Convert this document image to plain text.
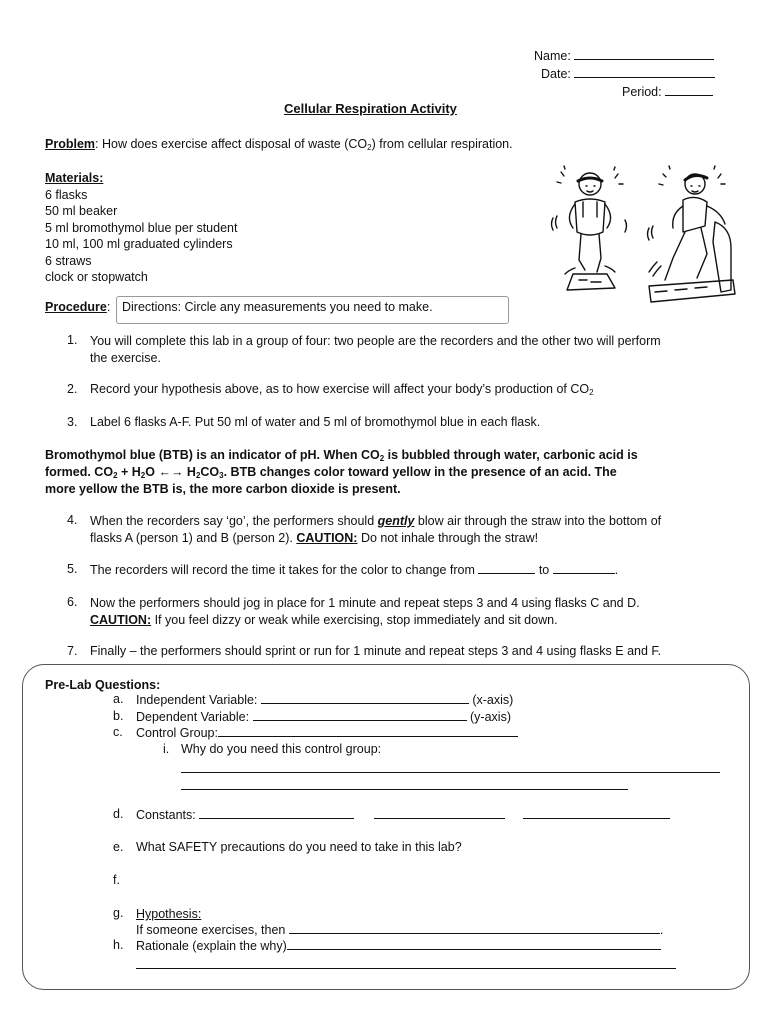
Name:
Date:
Period:
Cellular Respiration Activity
Problem: How does exercise affect disposal of waste $(CO_2)$ from cellular respiration.
Materials:
6 flasks
50 ml beaker
5 ml bromothymol blue per student
10 ml, 100 ml graduated cylinders
6 straws
clock or stopwatch
Procedure: Directions: Circle any measurements you need to make.
1. You will complete this lab in a group of four: two people are the recorders and the other two will perform
the exercise.
2. Record your hypothesis above, as to how exercise will affect your body’s production of $CO_2$
3. Label 6 flasks A-F. Put 50 ml of water and 5 ml of bromothymol blue in each flask.
Bromothymol blue (BTB) is an indicator of pH. When $CO_2$ is bubbled through water, carbonic acid is
formed. $CO_2 + H_2O$ ←→ $H_2CO_3$. BTB changes color toward yellow in the presence of an acid. The
more yellow the BTB is, the more carbon dioxide is present.
4. When the recorders say ‘go’, the performers should gently blow air through the straw into the bottom of
flasks A (person 1) and B (person 2). CAUTION: Do not inhale through the straw!
5. The recorders will record the time it takes for the color to change from	to	.
6. Now the performers should jog in place for 1 minute and repeat steps 3 and 4 using flasks C and D.
CAUTION: If you feel dizzy or weak while exercising, stop immediately and sit down.
7. Finally – the performers should sprint or run for 1 minute and repeat steps 3 and 4 using flasks E and F.
Pre-Lab Questions:
a. Independent Variable:	(x-axis)
b. Dependent Variable:	(y-axis)
c. Control Group:
i. Why do you need this control group:
d. Constants:
e. What SAFETY precautions do you need to take in this lab?
f.
g. Hypothesis:
If someone exercises, then	.
h. Rationale (explain the why)
